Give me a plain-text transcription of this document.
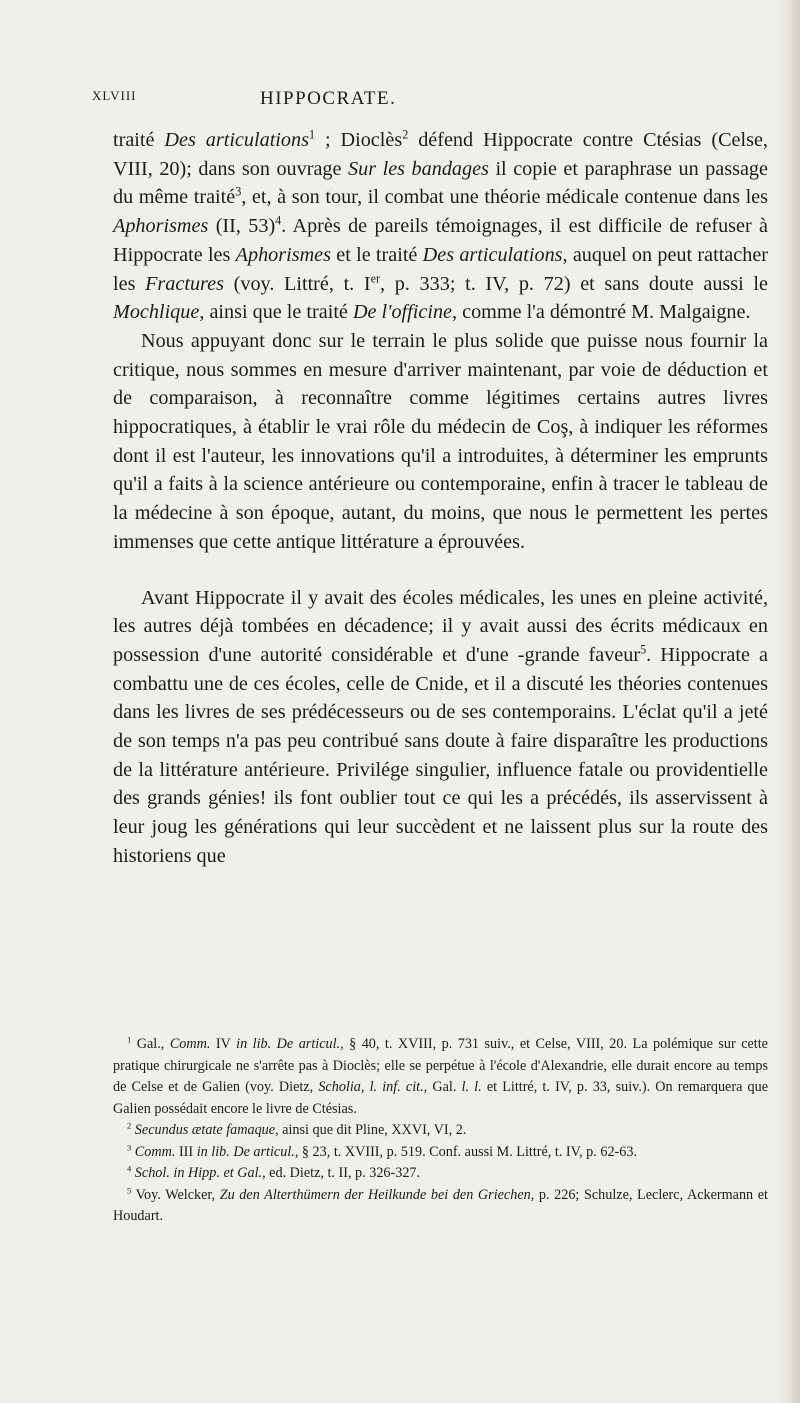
XLVIII	HIPPOCRATE.

traité Des articulations$^1$ ; Dioclès$^2$ défend Hippocrate contre Ctésias (Celse, VIII, 20); dans son ouvrage Sur les bandages il copie et paraphrase un passage du même traité$^3$, et, à son tour, il combat une théorie médicale contenue dans les Aphorismes (II, 53)$^4$. Après de pareils témoignages, il est difficile de refuser à Hippocrate les Aphorismes et le traité Des articulations, auquel on peut rattacher les Fractures (voy. Littré, t. Ier, p. 333; t. IV, p. 72) et sans doute aussi le Mochlique, ainsi que le traité De l'officine, comme l'a démontré M. Malgaigne.

Nous appuyant donc sur le terrain le plus solide que puisse nous fournir la critique, nous sommes en mesure d'arriver maintenant, par voie de déduction et de comparaison, à reconnaître comme légitimes certains autres livres hippocratiques, à établir le vrai rôle du médecin de Coş, à indiquer les réformes dont il est l'auteur, les innovations qu'il a introduites, à déterminer les emprunts qu'il a faits à la science antérieure ou contemporaine, enfin à tracer le tableau de la médecine à son époque, autant, du moins, que nous le permettent les pertes immenses que cette antique littérature a éprouvées.

Avant Hippocrate il y avait des écoles médicales, les unes en pleine activité, les autres déjà tombées en décadence; il y avait aussi des écrits médicaux en possession d'une autorité considérable et d'une -grande faveur$^5$. Hippocrate a combattu une de ces écoles, celle de Cnide, et il a discuté les théories contenues dans les livres de ses prédécesseurs ou de ses contemporains. L'éclat qu'il a jeté de son temps n'a pas peu contribué sans doute à faire disparaître les productions de la littérature antérieure. Privilége singulier, influence fatale ou providentielle des grands génies! ils font oublier tout ce qui les a précédés, ils asservissent à leur joug les générations qui leur succèdent et ne laissent plus sur la route des historiens que

$^1$ Gal., Comm. IV in lib. De articul., § 40, t. XVIII, p. 731 suiv., et Celse, VIII, 20. La polémique sur cette pratique chirurgicale ne s'arrête pas à Dioclès; elle se perpétue à l'école d'Alexandrie, elle durait encore au temps de Celse et de Galien (voy. Dietz, Scholia, l. inf. cit., Gal. l. l. et Littré, t. IV, p. 33, suiv.). On remarquera que Galien possédait encore le livre de Ctésias.

$^2$ Secundus ætate famaque, ainsi que dit Pline, XXVI, VI, 2.

$^3$ Comm. III in lib. De articul., § 23, t. XVIII, p. 519. Conf. aussi M. Littré, t. IV, p. 62-63.

$^4$ Schol. in Hipp. et Gal., ed. Dietz, t. II, p. 326-327.

$^5$ Voy. Welcker, Zu den Alterthümern der Heilkunde bei den Griechen, p. 226; Schulze, Leclerc, Ackermann et Houdart.
